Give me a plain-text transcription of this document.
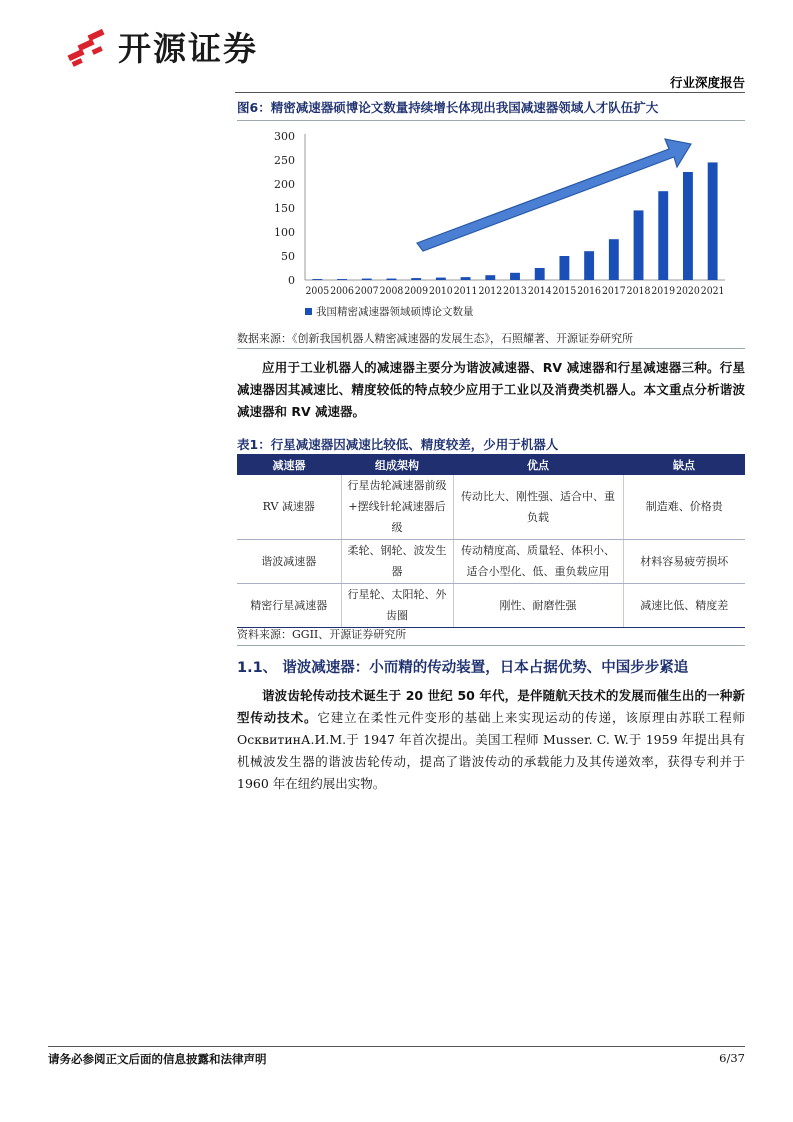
开源证券
行业深度报告
图6：精密减速器硕博论文数量持续增长体现出我国减速器领域人才队伍扩大
0
50
100
150
200
250
300
2005 2006 2007 2008 2009 2010 2011 2012 2013 2014 2015 2016 2017 2018 2019 2020 2021
我国精密减速器领域硕博论文数量
数据来源：《创新我国机器人精密减速器的发展生态》，石照耀著、开源证券研究所
应用于工业机器人的减速器主要分为谐波减速器、RV 减速器和行星减速器三种。行星减速器因其减速比、精度较低的特点较少应用于工业以及消费类机器人。本文重点分析谐波减速器和 RV 减速器。
表1：行星减速器因减速比较低、精度较差，少用于机器人
减速器	组成架构	优点	缺点
RV 减速器	行星齿轮减速器前级+摆线针轮减速器后级	传动比大、刚性强、适合中、重负载	制造难、价格贵
谐波减速器	柔轮、钢轮、波发生器	传动精度高、质量轻、体积小、适合小型化、低、重负载应用	材料容易疲劳损坏
精密行星减速器	行星轮、太阳轮、外齿圈	刚性、耐磨性强	减速比低、精度差
资料来源：GGII、开源证券研究所
1.1、 谐波减速器：小而精的传动装置，日本占据优势、中国步步紧追
谐波齿轮传动技术诞生于 20 世纪 50 年代，是伴随航天技术的发展而催生出的一种新型传动技术。它建立在柔性元件变形的基础上来实现运动的传递，该原理由苏联工程师 ОсквитинА.И.М.于 1947 年首次提出。美国工程师 Musser. C. W.于 1959 年提出具有机械波发生器的谐波齿轮传动，提高了谐波传动的承载能力及其传递效率，获得专利并于 1960 年在纽约展出实物。
请务必参阅正文后面的信息披露和法律声明	6/37
